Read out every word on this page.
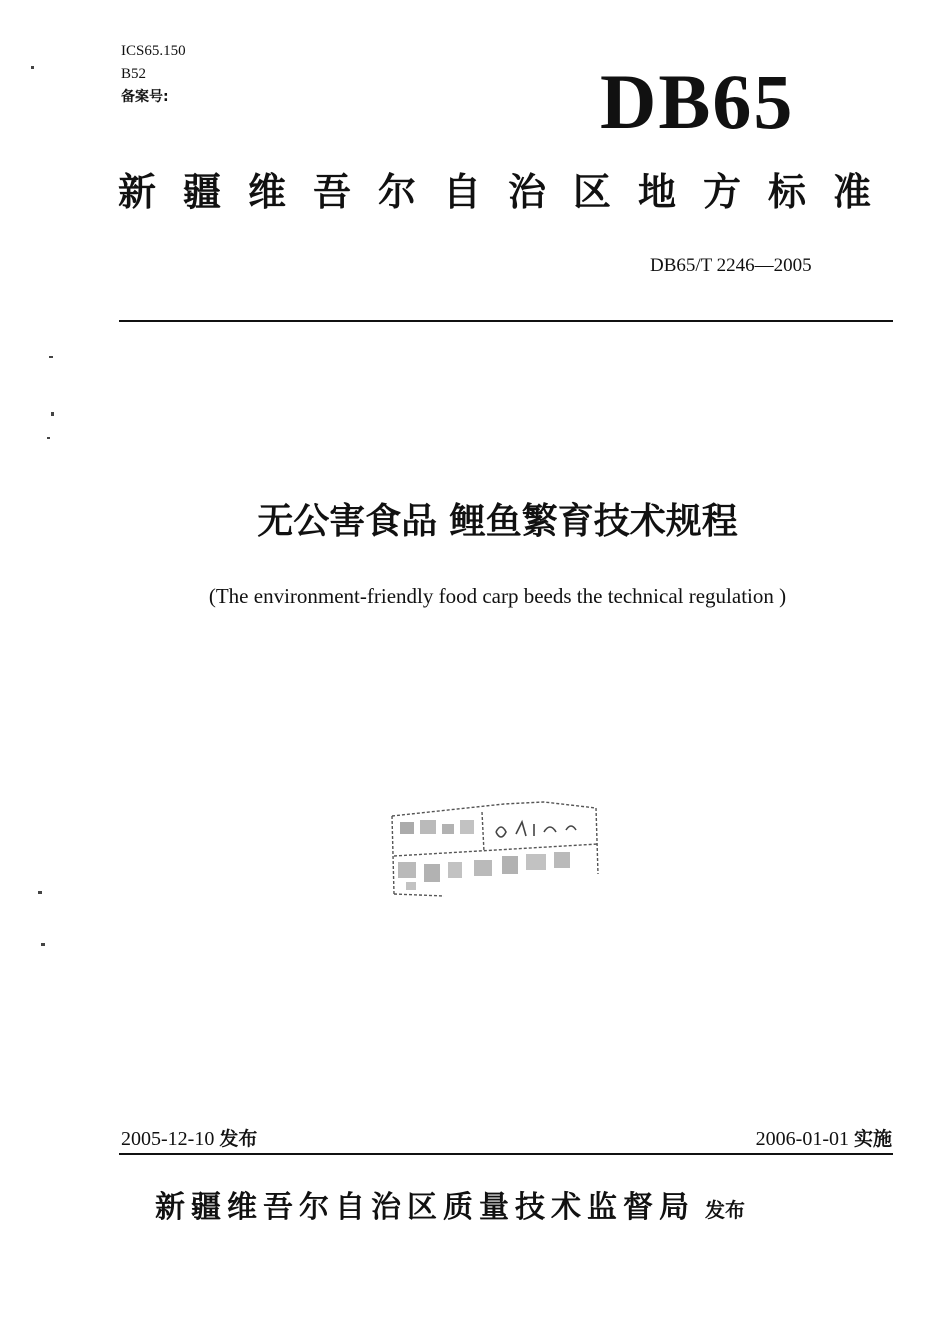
ICS65.150
B52
备案号:	DB65
新疆维吾尔自治区地方标准
DB65/T 2246—2005
无公害食品 鲤鱼繁育技术规程
(The environment-friendly food carp beeds the technical regulation )
2005-12-10 发布	2006-01-01 实施
新疆维吾尔自治区质量技术监督局 发布
